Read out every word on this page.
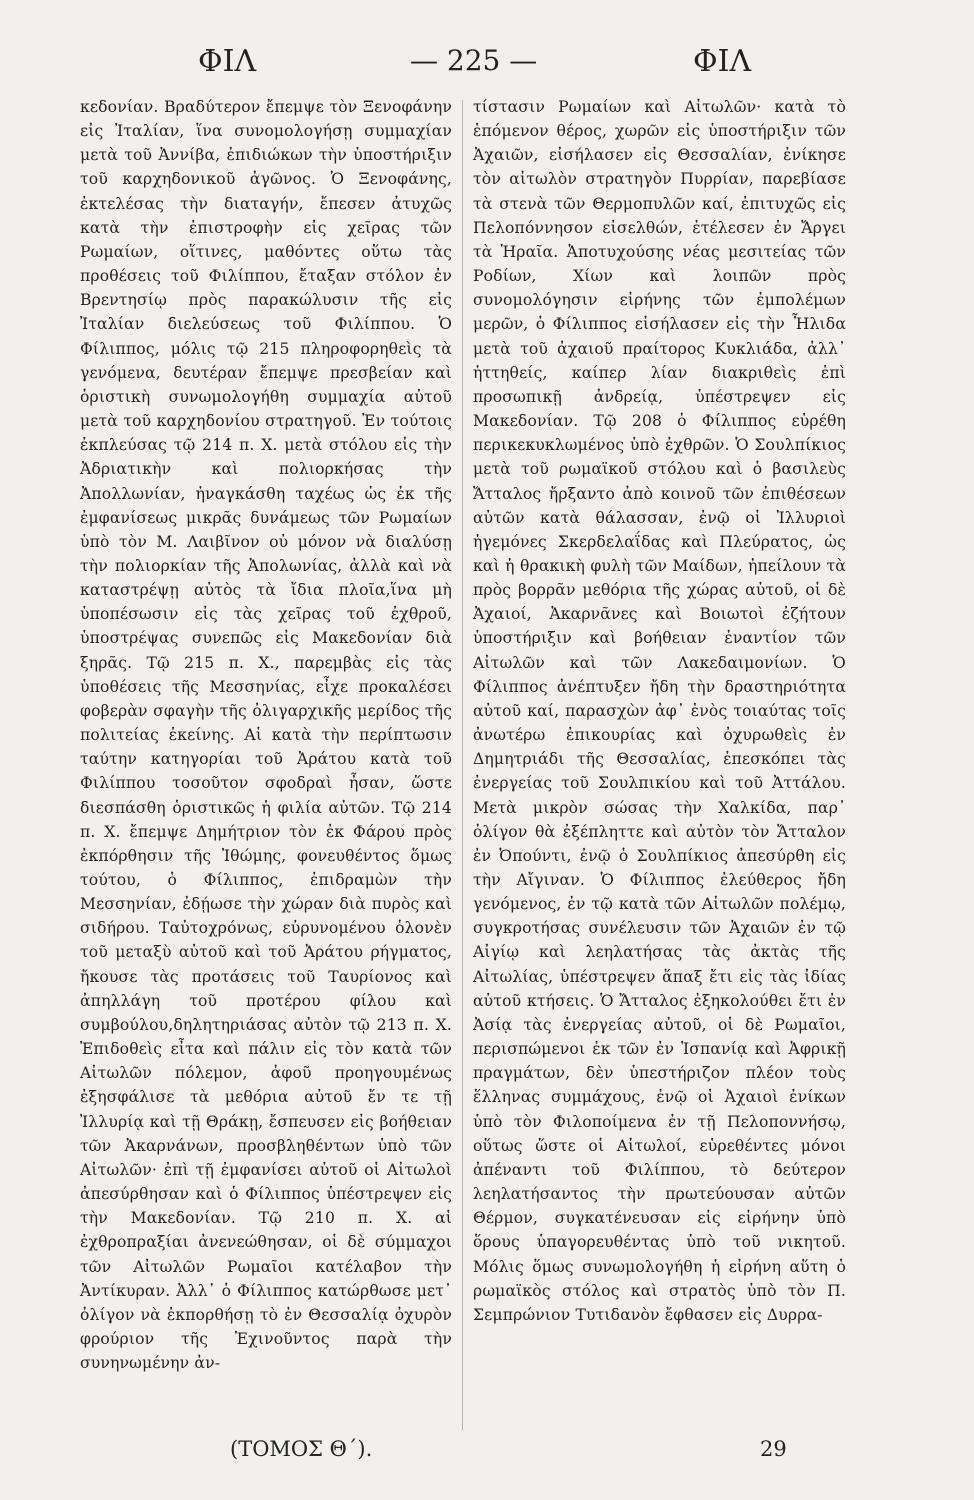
ΦΙΛ	— 225 —	ΦΙΛ

κεδονίαν. Βραδύτερον ἔπεμψε τὸν Ξενοφάνην εἰς Ἰταλίαν, ἵνα συνομολογήσῃ συμμαχίαν μετὰ τοῦ Ἀννίβα, ἐπιδιώκων τὴν ὑποστήριξιν τοῦ καρχηδονικοῦ ἀγῶνος. Ὁ Ξενοφάνης, ἐκτελέσας τὴν διαταγήν, ἔπεσεν ἀτυχῶς κατὰ τὴν ἐπιστροφὴν εἰς χεῖρας τῶν Ρωμαίων, οἵτινες, μαθόντες οὕτω τὰς προθέσεις τοῦ Φιλίππου, ἔταξαν στόλον ἐν Βρεντησίῳ πρὸς παρακώλυσιν τῆς εἰς Ἰταλίαν διελεύσεως τοῦ Φιλίππου. Ὁ Φίλιππος, μόλις τῷ 215 πληροφορηθεὶς τὰ γενόμενα, δευτέραν ἔπεμψε πρεσβείαν καὶ ὁριστικὴ συνωμολογήθη συμμαχία αὐτοῦ μετὰ τοῦ καρχηδονίου στρατηγοῦ. Ἐν τούτοις ἐκπλεύσας τῷ 214 π. Χ. μετὰ στόλου εἰς τὴν Ἀδριατικὴν καὶ πολιορκήσας τὴν Ἀπολλωνίαν, ἠναγκάσθη ταχέως ὡς ἐκ τῆς ἐμφανίσεως μικρᾶς δυνάμεως τῶν Ρωμαίων ὑπὸ τὸν Μ. Λαιβῖνον οὐ μόνον νὰ διαλύσῃ τὴν πολιορκίαν τῆς Ἀπολωνίας, ἀλλὰ καὶ νὰ καταστρέψῃ αὐτὸς τὰ ἴδια πλοῖα,ἵνα μὴ ὑποπέσωσιν εἰς τὰς χεῖρας τοῦ ἐχθροῦ, ὑποστρέψας συνεπῶς εἰς Μακεδονίαν διὰ ξηρᾶς. Τῷ 215 π. Χ., παρεμβὰς εἰς τὰς ὑποθέσεις τῆς Μεσσηνίας, εἶχε προκαλέσει φοβερὰν σφαγὴν τῆς ὀλιγαρχικῆς μερίδος τῆς πολιτείας ἐκείνης. Αἱ κατὰ τὴν περίπτωσιν ταύτην κατηγορίαι τοῦ Ἀράτου κατὰ τοῦ Φιλίππου τοσοῦτον σφοδραὶ ἦσαν, ὥστε διεσπάσθη ὁριστικῶς ἡ φιλία αὐτῶν. Τῷ 214 π. Χ. ἔπεμψε Δημήτριον τὸν ἐκ Φάρου πρὸς ἐκπόρθησιν τῆς Ἰθώμης, φονευθέντος ὅμως τούτου, ὁ Φίλιππος, ἐπιδραμὼν τὴν Μεσσηνίαν, ἐδῄωσε τὴν χώραν διὰ πυρὸς καὶ σιδήρου. Ταὐτοχρόνως, εὐρυνομένου ὁλονὲν τοῦ μεταξὺ αὐτοῦ καὶ τοῦ Ἀράτου ρήγματος, ἤκουσε τὰς προτάσεις τοῦ Ταυρίονος καὶ ἀπηλλάγη τοῦ προτέρου φίλου καὶ συμβούλου,δηλητηριάσας αὐτὸν τῷ 213 π. Χ. Ἐπιδοθεὶς εἶτα καὶ πάλιν εἰς τὸν κατὰ τῶν Αἰτωλῶν πόλεμον, ἀφοῦ προηγουμένως ἐξησφάλισε τὰ μεθόρια αὐτοῦ ἔν τε τῇ Ἰλλυρίᾳ καὶ τῇ Θράκῃ, ἔσπευσεν εἰς βοήθειαν τῶν Ἀκαρνάνων, προσβληθέντων ὑπὸ τῶν Αἰτωλῶν· ἐπὶ τῇ ἐμφανίσει αὐτοῦ οἱ Αἰτωλοὶ ἀπεσύρθησαν καὶ ὁ Φίλιππος ὑπέστρεψεν εἰς τὴν Μακεδονίαν. Τῷ 210 π. Χ. αἱ ἐχθροπραξίαι ἀνενεώθησαν, οἱ δὲ σύμμαχοι τῶν Αἰτωλῶν Ρωμαῖοι κατέλαβον τὴν Ἀντίκυραν. Ἀλλ᾽ ὁ Φίλιππος κατώρθωσε μετ᾽ ὀλίγον νὰ ἐκπορθήσῃ τὸ ἐν Θεσσαλίᾳ ὀχυρὸν φρούριον τῆς Ἐχινοῦντος παρὰ τὴν συνηνωμένην ἀν-

τίστασιν Ρωμαίων καὶ Αἰτωλῶν· κατὰ τὸ ἑπόμενον θέρος, χωρῶν εἰς ὑποστήριξιν τῶν Ἀχαιῶν, εἰσήλασεν εἰς Θεσσαλίαν, ἐνίκησε τὸν αἰτωλὸν στρατηγὸν Πυρρίαν, παρεβίασε τὰ στενὰ τῶν Θερμοπυλῶν καί, ἐπιτυχῶς εἰς Πελοπόννησον εἰσελθών, ἐτέλεσεν ἐν Ἄργει τὰ Ἡραῖα. Ἀποτυχούσης νέας μεσιτείας τῶν Ροδίων, Χίων καὶ λοιπῶν πρὸς συνομολόγησιν εἰρήνης τῶν ἐμπολέμων μερῶν, ὁ Φίλιππος εἰσήλασεν εἰς τὴν Ἦλιδα μετὰ τοῦ ἀχαιοῦ πραίτορος Κυκλιάδα, ἀλλ᾽ ἡττηθείς, καίπερ λίαν διακριθεὶς ἐπὶ προσωπικῇ ἀνδρείᾳ, ὑπέστρεψεν εἰς Μακεδονίαν. Τῷ 208 ὁ Φίλιππος εὑρέθη περικεκυκλωμένος ὑπὸ ἐχθρῶν. Ὁ Σουλπίκιος μετὰ τοῦ ρωμαϊκοῦ στόλου καὶ ὁ βασιλεὺς Ἄτταλος ἤρξαντο ἀπὸ κοινοῦ τῶν ἐπιθέσεων αὐτῶν κατὰ θάλασσαν, ἐνῷ οἱ Ἰλλυριοὶ ἡγεμόνες Σκερδελαΐδας καὶ Πλεύρατος, ὡς καὶ ἡ θρακικὴ φυλὴ τῶν Μαίδων, ἠπείλουν τὰ πρὸς βορρᾶν μεθόρια τῆς χώρας αὐτοῦ, οἱ δὲ Ἀχαιοί, Ἀκαρνᾶνες καὶ Βοιωτοὶ ἐζήτουν ὑποστήριξιν καὶ βοήθειαν ἐναντίον τῶν Αἰτωλῶν καὶ τῶν Λακεδαιμονίων. Ὁ Φίλιππος ἀνέπτυξεν ἤδη τὴν δραστηριότητα αὐτοῦ καί, παρασχὼν ἀφ᾽ ἑνὸς τοιαύτας τοῖς ἀνωτέρω ἐπικουρίας καὶ ὀχυρωθεὶς ἐν Δημητριάδι τῆς Θεσσαλίας, ἐπεσκόπει τὰς ἐνεργείας τοῦ Σουλπικίου καὶ τοῦ Ἀττάλου. Μετὰ μικρὸν σώσας τὴν Χαλκίδα, παρ᾽ ὀλίγον θὰ ἐξέπληττε καὶ αὐτὸν τὸν Ἄτταλον ἐν Ὀπούντι, ἐνῷ ὁ Σουλπίκιος ἀπεσύρθη εἰς τὴν Αἴγιναν. Ὁ Φίλιππος ἐλεύθερος ἤδη γενόμενος, ἐν τῷ κατὰ τῶν Αἰτωλῶν πολέμῳ, συγκροτήσας συνέλευσιν τῶν Ἀχαιῶν ἐν τῷ Αἰγίῳ καὶ λεηλατήσας τὰς ἀκτὰς τῆς Αἰτωλίας, ὑπέστρεψεν ἅπαξ ἔτι εἰς τὰς ἰδίας αὐτοῦ κτήσεις. Ὁ Ἄτταλος ἐξηκολούθει ἔτι ἐν Ἀσίᾳ τὰς ἐνεργείας αὐτοῦ, οἱ δὲ Ρωμαῖοι, περισπώμενοι ἐκ τῶν ἐν Ἱσπανίᾳ καὶ Ἀφρικῇ πραγμάτων, δὲν ὑπεστήριζον πλέον τοὺς ἕλληνας συμμάχους, ἐνῷ οἱ Ἀχαιοὶ ἐνίκων ὑπὸ τὸν Φιλοποίμενα ἐν τῇ Πελοποννήσῳ, οὕτως ὥστε οἱ Αἰτωλοί, εὑρεθέντες μόνοι ἀπέναντι τοῦ Φιλίππου, τὸ δεύτερον λεηλατήσαντος τὴν πρωτεύουσαν αὐτῶν Θέρμον, συγκατένευσαν εἰς εἰρήνην ὑπὸ ὅρους ὑπαγορευθέντας ὑπὸ τοῦ νικητοῦ. Μόλις ὅμως συνωμολογήθη ἡ εἰρήνη αὕτη ὁ ρωμαϊκὸς στόλος καὶ στρατὸς ὑπὸ τὸν Π. Σεμπρώνιον Τυτιδανὸν ἔφθασεν εἰς Δυρρα-

(ΤΟΜΟΣ Θ΄).	29
